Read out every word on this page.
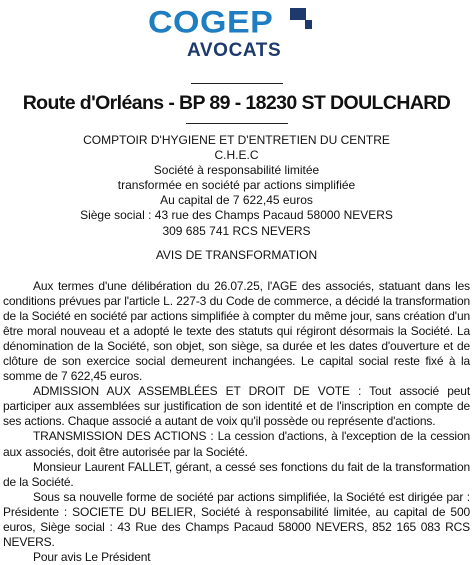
COGEP
AVOCATS
Route d'Orléans - BP 89 - 18230 ST DOULCHARD
COMPTOIR D'HYGIENE ET D'ENTRETIEN DU CENTRE
C.H.E.C
Société à responsabilité limitée
transformée en société par actions simplifiée
Au capital de 7 622,45 euros
Siège social : 43 rue des Champs Pacaud 58000 NEVERS
309 685 741 RCS NEVERS
AVIS DE TRANSFORMATION

Aux termes d'une délibération du 26.07.25, l'AGE des associés, statuant dans les conditions prévues par l'article L. 227-3 du Code de commerce, a décidé la transformation de la Société en société par actions simplifiée à compter du même jour, sans création d'un être moral nouveau et a adopté le texte des statuts qui régiront désormais la Société. La dénomination de la Société, son objet, son siège, sa durée et les dates d'ouverture et de clôture de son exercice social demeurent inchangées. Le capital social reste fixé à la somme de 7 622,45 euros.

ADMISSION AUX ASSEMBLÉES ET DROIT DE VOTE : Tout associé peut participer aux assemblées sur justification de son identité et de l'inscription en compte de ses actions. Chaque associé a autant de voix qu'il possède ou représente d'actions.

TRANSMISSION DES ACTIONS : La cession d'actions, à l'exception de la cession aux associés, doit être autorisée par la Société.

Monsieur Laurent FALLET, gérant, a cessé ses fonctions du fait de la transformation de la Société.

Sous sa nouvelle forme de société par actions simplifiée, la Société est dirigée par : Présidente : SOCIETE DU BELIER, Société à responsabilité limitée, au capital de 500 euros, Siège social : 43 Rue des Champs Pacaud 58000 NEVERS, 852 165 083 RCS NEVERS.

Pour avis Le Président
